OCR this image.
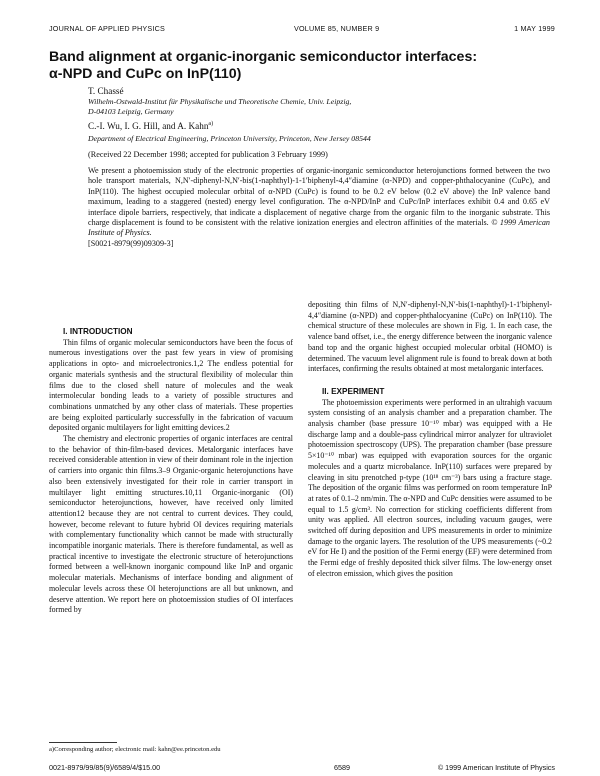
JOURNAL OF APPLIED PHYSICS	VOLUME 85, NUMBER 9	1 MAY 1999
Band alignment at organic-inorganic semiconductor interfaces:
α-NPD and CuPc on InP(110)
T. Chassé
Wilhelm-Ostwald-Institut für Physikalische und Theoretische Chemie, Univ. Leipzig,
D-04103 Leipzig, Germany
C.-I. Wu, I. G. Hill, and A. Kahn$^{a)}$
Department of Electrical Engineering, Princeton University, Princeton, New Jersey 08544
(Received 22 December 1998; accepted for publication 3 February 1999)
We present a photoemission study of the electronic properties of organic-inorganic semiconductor heterojunctions formed between the two hole transport materials, N,N′-diphenyl-N,N′-bis(1-naphthyl)-1-1′biphenyl-4,4″diamine (α-NPD) and copper-phthalocyanine (CuPc), and InP(110). The highest occupied molecular orbital of α-NPD (CuPc) is found to be 0.2 eV below (0.2 eV above) the InP valence band maximum, leading to a staggered (nested) energy level configuration. The α-NPD/InP and CuPc/InP interfaces exhibit 0.4 and 0.65 eV interface dipole barriers, respectively, that indicate a displacement of negative charge from the organic film to the inorganic substrate. This charge displacement is found to be consistent with the relative ionization energies and electron affinities of the materials. © 1999 American Institute of Physics.
[S0021-8979(99)09309-3]

I. INTRODUCTION

Thin films of organic molecular semiconductors have been the focus of numerous investigations over the past few years in view of promising applications in opto- and microelectronics.1,2 The endless potential for organic materials synthesis and the structural flexibility of molecular thin films due to the closed shell nature of molecules and the weak intermolecular bonding leads to a variety of possible structures and combinations unmatched by any other class of materials. These properties are being exploited particularly successfully in the fabrication of vacuum deposited organic multilayers for light emitting devices.2

The chemistry and electronic properties of organic interfaces are central to the behavior of thin-film-based devices. Metalorganic interfaces have received considerable attention in view of their dominant role in the injection of carriers into organic thin films.3–9 Organic-organic heterojunctions have also been extensively investigated for their role in carrier transport in multilayer light emitting structures.10,11 Organic-inorganic (OI) semiconductor heterojunctions, however, have received only limited attention12 because they are not central to current devices. They could, however, become relevant to future hybrid OI devices requiring materials with complementary functionality which cannot be made with structurally incompatible inorganic materials. There is therefore fundamental, as well as practical incentive to investigate the electronic structure of heterojunctions formed between a well-known inorganic compound like InP and organic molecular materials. Mechanisms of interface bonding and alignment of molecular levels across these OI heterojunctions are all but unknown, and deserve attention. We report here on photoemission studies of OI interfaces formed by

depositing thin films of N,N′-diphenyl-N,N′-bis(1-naphthyl)-1-1′biphenyl-4,4″diamine (α-NPD) and copper-phthalocyanine (CuPc) on InP(110). The chemical structure of these molecules are shown in Fig. 1. In each case, the valence band offset, i.e., the energy difference between the inorganic valence band top and the organic highest occupied molecular orbital (HOMO) is determined. The vacuum level alignment rule is found to break down at both interfaces, confirming the results obtained at most metalorganic interfaces.

II. EXPERIMENT

The photoemission experiments were performed in an ultrahigh vacuum system consisting of an analysis chamber and a preparation chamber. The analysis chamber (base pressure 10⁻¹⁰ mbar) was equipped with a He discharge lamp and a double-pass cylindrical mirror analyzer for ultraviolet photoemission spectroscopy (UPS). The preparation chamber (base pressure 5×10⁻¹⁰ mbar) was equipped with evaporation sources for the organic molecules and a quartz microbalance. InP(110) surfaces were prepared by cleaving in situ prenotched p-type (10¹⁸ cm⁻³) bars using a fracture stage. The deposition of the organic films was performed on room temperature InP at rates of 0.1–2 nm/min. The α-NPD and CuPc densities were assumed to be equal to 1.5 g/cm³. No correction for sticking coefficients different from unity was applied. All electron sources, including vacuum gauges, were switched off during deposition and UPS measurements in order to minimize damage to the organic layers. The resolution of the UPS measurements (~0.2 eV for He I) and the position of the Fermi energy (EF) were determined from the Fermi edge of freshly deposited thick silver films. The low-energy onset of electron emission, which gives the position

a)Corresponding author; electronic mail: kahn@ee.princeton.edu
0021-8979/99/85(9)/6589/4/$15.00	6589	© 1999 American Institute of Physics
